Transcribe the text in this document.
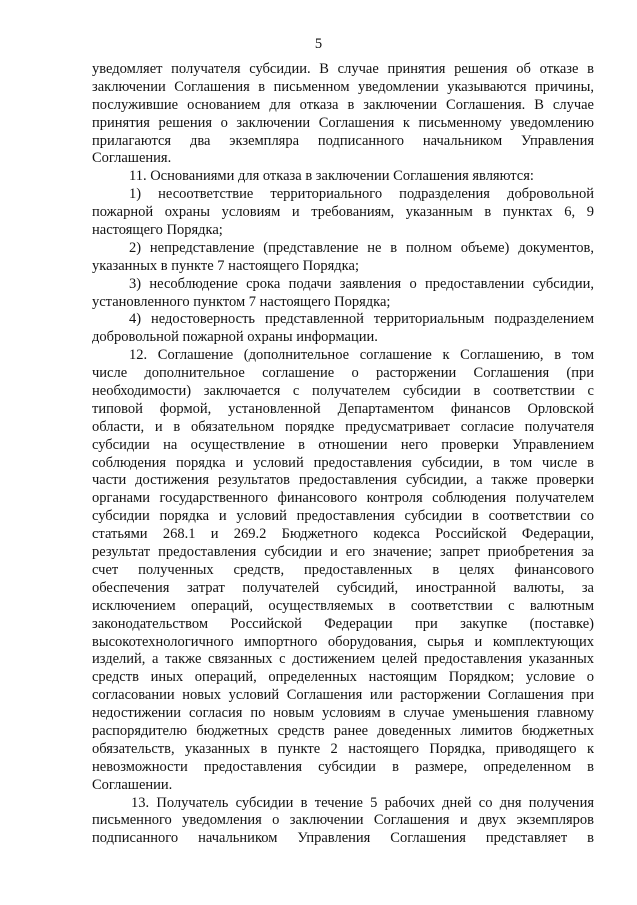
5
уведомляет получателя субсидии. В случае принятия решения об отказе в
заключении Соглашения в письменном уведомлении указываются причины,
послужившие основанием для отказа в заключении Соглашения. В случае
принятия решения о заключении Соглашения к письменному уведомлению
прилагаются два экземпляра подписанного начальником Управления
Соглашения.
11. Основаниями для отказа в заключении Соглашения являются:
1) несоответствие территориального подразделения добровольной
пожарной охраны условиям и требованиям, указанным в пунктах 6, 9
настоящего Порядка;
2) непредставление (представление не в полном объеме) документов,
указанных в пункте 7 настоящего Порядка;
3) несоблюдение срока подачи заявления о предоставлении субсидии,
установленного пунктом 7 настоящего Порядка;
4) недостоверность представленной территориальным подразделением
добровольной пожарной охраны информации.
12. Соглашение (дополнительное соглашение к Соглашению, в том
числе дополнительное соглашение о расторжении Соглашения (при
необходимости) заключается с получателем субсидии в соответствии с
типовой формой, установленной Департаментом финансов Орловской
области, и в обязательном порядке предусматривает согласие получателя
субсидии на осуществление в отношении него проверки Управлением
соблюдения порядка и условий предоставления субсидии, в том числе в
части достижения результатов предоставления субсидии, а также проверки
органами государственного финансового контроля соблюдения получателем
субсидии порядка и условий предоставления субсидии в соответствии со
статьями 268.1 и 269.2 Бюджетного кодекса Российской Федерации,
результат предоставления субсидии и его значение; запрет приобретения за
счет полученных средств, предоставленных в целях финансового
обеспечения затрат получателей субсидий, иностранной валюты, за
исключением операций, осуществляемых в соответствии с валютным
законодательством Российской Федерации при закупке (поставке)
высокотехнологичного импортного оборудования, сырья и комплектующих
изделий, а также связанных с достижением целей предоставления указанных
средств иных операций, определенных настоящим Порядком; условие о
согласовании новых условий Соглашения или расторжении Соглашения при
недостижении согласия по новым условиям в случае уменьшения главному
распорядителю бюджетных средств ранее доведенных лимитов бюджетных
обязательств, указанных в пункте 2 настоящего Порядка, приводящего к
невозможности предоставления субсидии в размере, определенном в
Соглашении.
13. Получатель субсидии в течение 5 рабочих дней со дня получения
письменного уведомления о заключении Соглашения и двух экземпляров
подписанного начальником Управления Соглашения представляет в
